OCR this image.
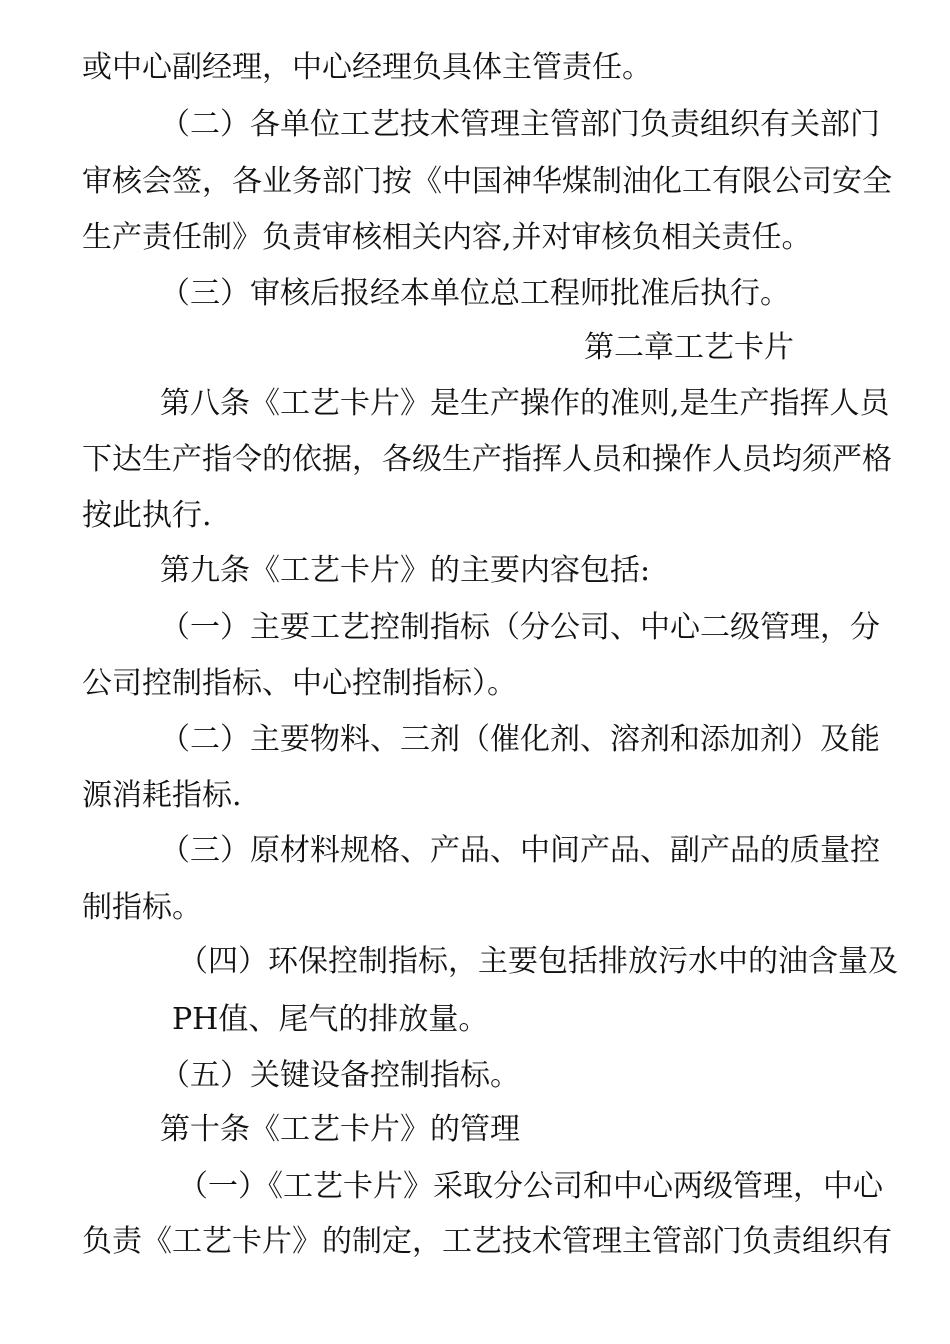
或中心副经理，中心经理负具体主管责任。
（二）各单位工艺技术管理主管部门负责组织有关部门
审核会签，各业务部门按《中国神华煤制油化工有限公司安全
生产责任制》负责审核相关内容,并对审核负相关责任。
（三）审核后报经本单位总工程师批准后执行。
第二章工艺卡片
第八条《工艺卡片》是生产操作的准则,是生产指挥人员
下达生产指令的依据，各级生产指挥人员和操作人员均须严格
按此执行.
第九条《工艺卡片》的主要内容包括:
（一）主要工艺控制指标（分公司、中心二级管理，分
公司控制指标、中心控制指标）。
（二）主要物料、三剂（催化剂、溶剂和添加剂）及能
源消耗指标.
（三）原材料规格、产品、中间产品、副产品的质量控
制指标。
（四）环保控制指标，主要包括排放污水中的油含量及
PH值、尾气的排放量。
（五）关键设备控制指标。
第十条《工艺卡片》的管理
（一）《工艺卡片》采取分公司和中心两级管理，中心
负责《工艺卡片》的制定，工艺技术管理主管部门负责组织有
